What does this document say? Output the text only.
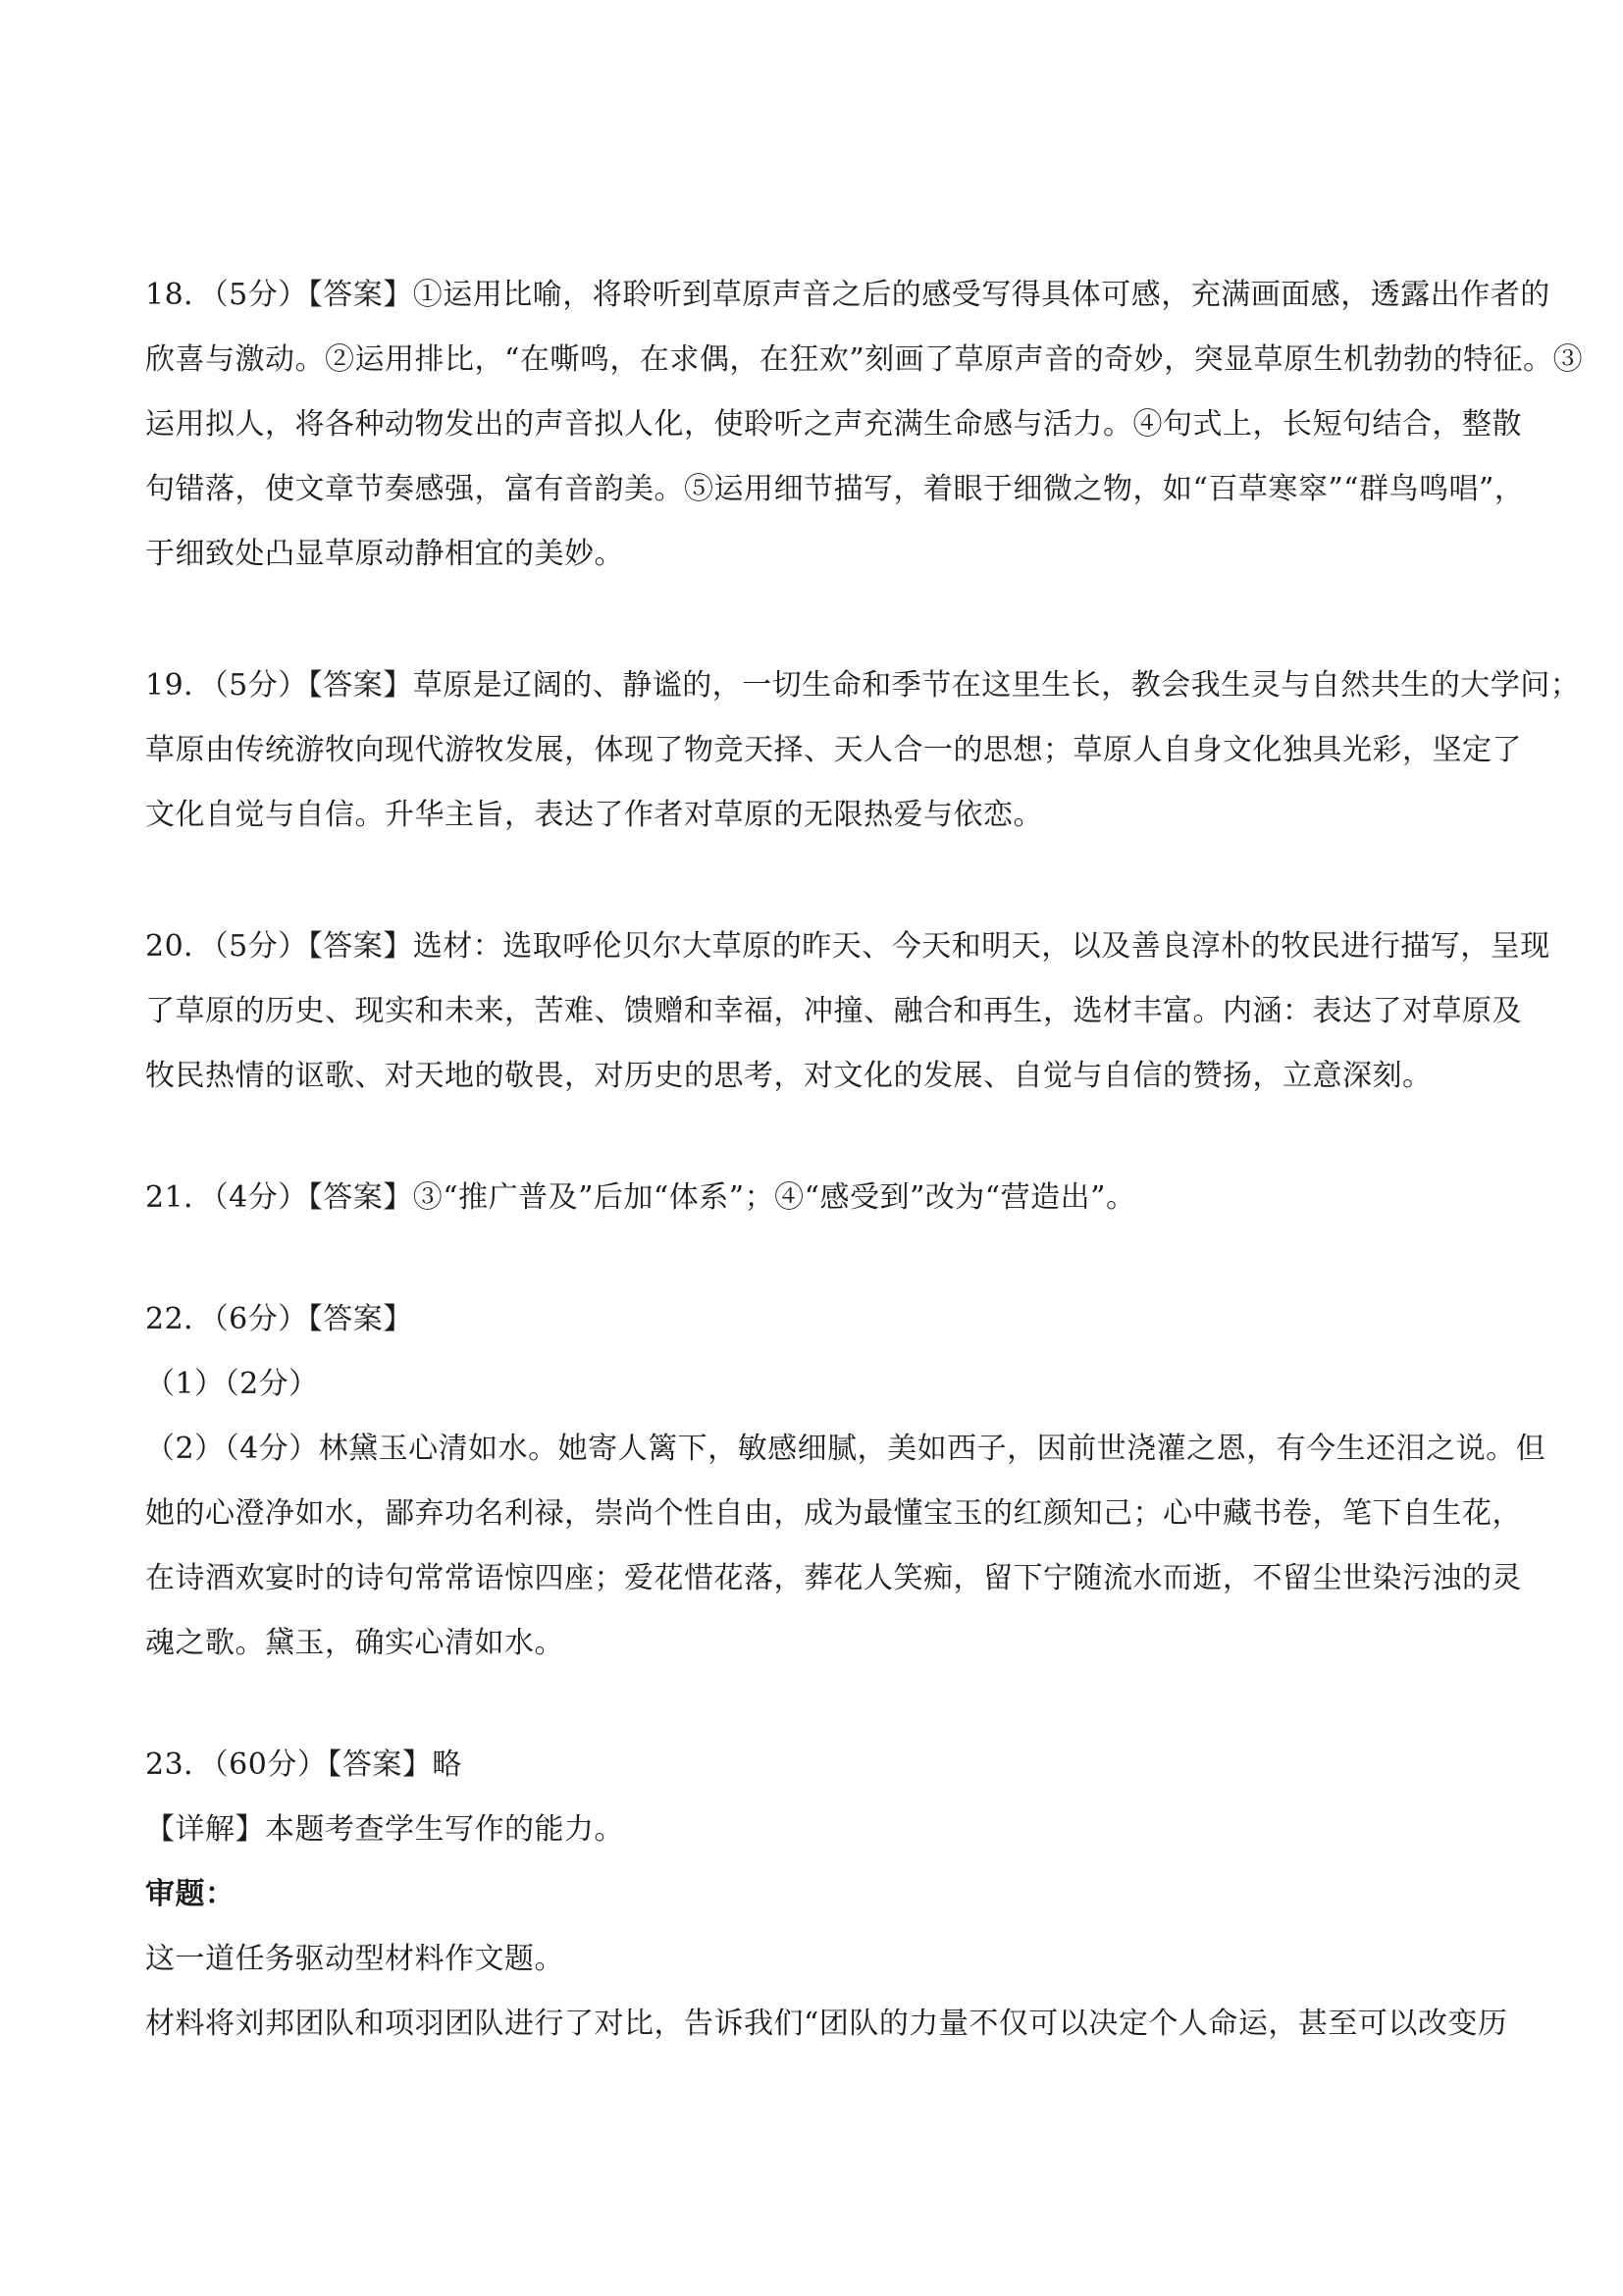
18．（5分）【答案】①运用比喻，将聆听到草原声音之后的感受写得具体可感，充满画面感，透露出作者的
欣喜与激动。②运用排比，“在嘶鸣，在求偶，在狂欢”刻画了草原声音的奇妙，突显草原生机勃勃的特征。③
运用拟人，将各种动物发出的声音拟人化，使聆听之声充满生命感与活力。④句式上，长短句结合，整散
句错落，使文章节奏感强，富有音韵美。⑤运用细节描写，着眼于细微之物，如“百草寒窣”“群鸟鸣唱”，
于细致处凸显草原动静相宜的美妙。
19．（5分）【答案】草原是辽阔的、静谧的，一切生命和季节在这里生长，教会我生灵与自然共生的大学问；
草原由传统游牧向现代游牧发展，体现了物竞天择、天人合一的思想；草原人自身文化独具光彩，坚定了
文化自觉与自信。升华主旨，表达了作者对草原的无限热爱与依恋。
20．（5分）【答案】选材：选取呼伦贝尔大草原的昨天、今天和明天，以及善良淳朴的牧民进行描写，呈现
了草原的历史、现实和未来，苦难、馈赠和幸福，冲撞、融合和再生，选材丰富。内涵：表达了对草原及
牧民热情的讴歌、对天地的敬畏，对历史的思考，对文化的发展、自觉与自信的赞扬，立意深刻。
21．（4分）【答案】③“推广普及”后加“体系”；④“感受到”改为“营造出”。
22．（6分）【答案】
（1）（2分）
（2）（4分）林黛玉心清如水。她寄人篱下，敏感细腻，美如西子，因前世浇灌之恩，有今生还泪之说。但
她的心澄净如水，鄙弃功名利禄，崇尚个性自由，成为最懂宝玉的红颜知己；心中藏书卷，笔下自生花，
在诗酒欢宴时的诗句常常语惊四座；爱花惜花落，葬花人笑痴，留下宁随流水而逝，不留尘世染污浊的灵
魂之歌。黛玉，确实心清如水。
23．（60分）【答案】略
【详解】本题考查学生写作的能力。
审题：
这一道任务驱动型材料作文题。
材料将刘邦团队和项羽团队进行了对比，告诉我们“团队的力量不仅可以决定个人命运，甚至可以改变历
